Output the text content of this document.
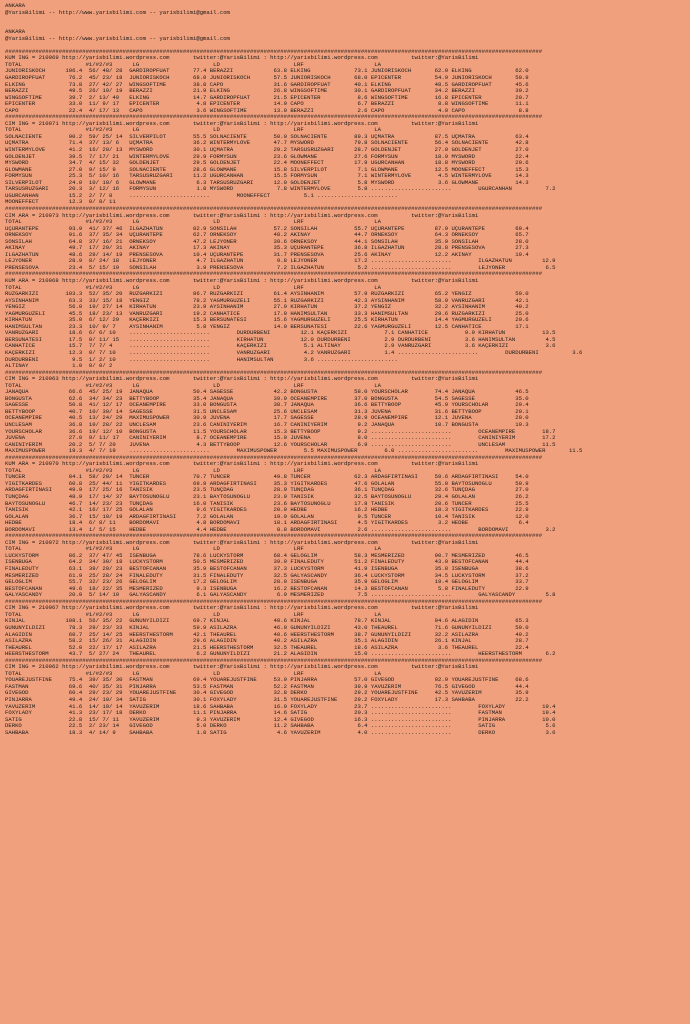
ANKARA
@YarisBilimi -- http://www.yarisbilimi.com -- yarisbilimi@gmail.com
ANKARA
@YarisBilimi -- http://www.yarisbilimi.com -- yarisbilimi@gmail.com
################################################################################################################################################################
KUM ING = 210069 http://yarisbilimi.wordpress.com       twitter:@YarisBilimi : http://yarisbilimi.wordpress.com          twitter:@YarisBilimi
TOTAL                   #1/#2/#3      LG                      LD                      LRF                     LA
JUNIORISKOCH      106.4  56/ 48/ 28  GARDIROPFUAT       77.4 BERAZZI            63.8 ELKING             73.1 JUNIORISKOCH       62.0 ELKING             62.0
GARDIROPFUAT       76.2  45/ 23/ 18  JUNIORISKOCH       68.0 JUNIORISKOCH       57.5 JUNIORISKOCH       68.0 EPICENTER          54.9 JUNIORISKOCH       50.9
ELKING             73.8  27/ 42/ 27  WINGSOFTIME        38.8 CAPO               31.6 GARDIROPFUAT       40.1 ELKING             48.5 GARDIROPFUAT       45.6
BERAZZI            49.5  26/ 19/ 19  BERAZZI            21.9 ELKING             26.8 WINGSOFTIME        30.1 GARDIROPFUAT       34.2 BERAZZI            30.2
WINGSOFTIME        39.7  2/ 13/ 49   ELKING             14.7 GARDIROPFUAT       21.5 EPICENTER           8.6 WINGSOFTIME        16.8 EPICENTER          20.7
EPICENTER          33.0  11/ 9/ 17   EPICENTER           4.8 EPICENTER          14.9 CAPO                6.7 BERAZZI             8.8 WINGSOFTIME        11.1
CAPO               22.4  4/ 17/ 13   CAPO                3.6 WINGSOFTIME        13.0 BERAZZI             2.6 CAPO                4.0 CAPO                8.8
################################################################################################################################################################
CIM ING = 210071 http://yarisbilimi.wordpress.com       twitter:@YarisBilimi : http://yarisbilimi.wordpress.com          twitter:@YarisBilimi
TOTAL                   #1/#2/#3      LG                      LD                      LRF                     LA
SOLNACIENTE        90.2  59/ 25/ 14  SILVERPILOT        55.5 SOLNACIENTE        50.0 SOLNACIENTE        89.3 UÇMATRA            87.5 UÇMATRA            63.4
UÇMATRA            71.4  37/ 13/ 6   UÇMATRA            36.2 WINTERMYLOVE       47.7 MYSWORD            79.8 SOLNACIENTE        56.4 SOLNACIENTE        42.8
WINTERMYLOVE       41.2  16/ 20/ 13  MYSWORD            30.1 UÇMATRA            29.2 TARSUSRÜZGARI      28.7 GOLDENJET          27.0 GOLDENJET          27.0
GOLDENJET          39.5  7/ 17/ 21   WINTERMYLOVE       29.9 FORMYSUN           23.6 GLOWMANE           27.6 FORMYSUN           18.9 MYSWORD            22.4
MYSWORD            34.7  4/ 15/ 32   GOLDENJET          29.5 GOLDENJET          22.4 MOONEFFECT         17.9 UGURCANHAN         18.8 MYSWORD            20.6
GLOWMANE           27.0  9/ 15/ 9    SOLNACIENTE        28.6 GLOWMANE           15.8 SILVERPILOT         7.1 GLOWMANE           12.5 MOONEFFECT         15.3
FORMYSUN           25.3  5/ 10/ 16   TARSUSRÜZGARI      11.2 UGURCANHAN         15.5 FORMYSUN            7.1 WINTERMYLOVE        4.5 WINTERMYLOVE       14.3
SILVERPILOT        24.0  10/ 10/ 6   GLOWMANE            6.3 TARSUSRÜZGARI      12.0 GOLDENJET           5.8 MYSWORD             3.6 GLOWMANE           14.3
TARSUSRÜZGARI      20.3  3/ 12/ 16   FORMYSUN            1.8 MYSWORD             7.8 WINTERMYLOVE        5.8 ........................        UGURCANHAN          7.2
UGURCANHAN         15.2  2/ 7/ 8     ........................        MOONEFFECT          5.1 ........................
MOONEFFECT         12.3  0/ 8/ 11
################################################################################################################################################################
CIM ARA = 210073 http://yarisbilimi.wordpress.com       twitter:@YarisBilimi : http://yarisbilimi.wordpress.com          twitter:@YarisBilimi
TOTAL                   #1/#2/#3      LG                      LD                      LRF                     LA
UÇURANTEPE         93.9  41/ 37/ 46  ILGAZHATUN         82.9 SONSILAH           57.2 SONSILAH           55.7 UÇURANTEPE         87.9 UÇURANTEPE         69.4
ÖRNEKSOY           91.6  37/ 35/ 34  UÇURANTEPE         62.7 ÖRNEKSOY           48.2 AKINAY             44.7 ÖRNEKSOY           64.3 ÖRNEKSOY           65.7
SONSILAH           64.8  37/ 16/ 21  ÖRNEKSOY           47.2 LEJYONER           39.6 ÖRNEKSOY           44.1 SONSILAH           35.9 SONSILAH           28.0
AKINAY             49.7  17/ 29/ 31  AKINAY             17.3 AKINAY             35.3 UÇURANTEPE         36.8 ILGAZHATUN         28.8 PRENSESOVA         27.3
ILGAZHATUN         48.6  29/ 14/ 19  PRENSESOVA         10.4 UÇURANTEPE         31.7 PRENSESOVA         25.6 AKINAY             12.2 AKINAY             19.4
LEJYONER           28.9  8/ 24/ 18   LEJYONER            4.7 ILGAZHATUN          9.8 LEJYONER           17.2 ........................        ILGAZHATUN         12.9
PRENSESOVA         23.4  5/ 15/ 19   SONSILAH            3.9 PRENSESOVA          7.2 ILGAZHATUN          5.2 ........................        LEJYONER            6.5
################################################################################################################################################################
KUM ARA = 210068 http://yarisbilimi.wordpress.com       twitter:@YarisBilimi : http://yarisbilimi.wordpress.com          twitter:@YarisBilimi
TOTAL                   #1/#2/#3      LG                      LD                      LRF                     LA
RÜZGARKIZI        103.3  52/ 35/ 20  RÜZGARKIZI         86.7 RÜZGARKIZI         61.4 AYSINHANIM         57.9 RÜZGARKIZI         65.2 YENGIZ             59.0
AYSINHANIM         63.3  33/ 15/ 18  YENGIZ             78.2 YAGMURGÜZELI       55.1 RÜZGARKIZI         42.3 AYSINHANIM         58.0 VANRÜZGARI         42.1
YENGIZ             56.0  19/ 27/ 14  KIRHATUN           23.9 AYSINHANIM         27.9 KIRHATUN           37.2 YENGIZ             32.2 AYSINHANIM         40.2
YAGMURGÜZELI       45.5  18/ 23/ 13  VANRÜZGARI         19.2 CANHATICE          17.9 HANIMSULTAN        33.3 HANIMSULTAN        29.6 RÜZGARKIZI         25.0
KIRHATUN           35.0  6/ 12/ 29   KAÇERKIZI          15.3 BERSUNATESI        15.6 YAGMURGÜZELI       25.5 KIRHATUN           14.4 YAGMURGÜZELI       20.6
HANIMSULTAN        23.3  10/ 9/ 7    AYSINHANIM          5.8 YENGIZ             14.0 BERSUNATESI        22.6 YAGMURGÜZELI       12.5 CANHATICE          17.1
VANRÜZGARI         18.6  6/ 6/ 10    ........................        DURDURBENI         12.1 KAÇERKIZI           7.1 CANHATICE           9.9 KIRHATUN           13.5
BERSUNATESI        17.5  0/ 11/ 15   ........................        KIRHATUN           12.0 DURDURBENI          2.9 DURDURBENI          3.6 HANIMSULTAN         4.5
CANHATICE          15.7  7/ 7/ 4     ........................        KAÇERKIZI           5.1 ALTINAY             2.9 VANRÜZGARI          3.6 KAÇERKIZI           3.6
KAÇERKIZI          12.3  0/ 7/ 10    ........................        VANRÜZGARI          4.2 VANRÜZGARI          1.4 ........................        DURDURBENI          3.6
DURDURBENI          9.5  1/ 2/ 10    ........................        HANIMSULTAN         3.6 ........................
ALTINAY             1.0  0/ 0/ 2
################################################################################################################################################################
CIM ING = 210063 http://yarisbilimi.wordpress.com       twitter:@YarisBilimi : http://yarisbilimi.wordpress.com          twitter:@YarisBilimi
TOTAL                   #1/#2/#3      LG                      LD                      LRF                     LA
JANAQUA            66.6  45/ 25/ 19  JANAQUA            50.4 SAGESSE            42.2 BONGUSTA           58.0 YOURSCHOLAR        74.4 JANAQUA            46.5
BONGUSTA           62.6  34/ 34/ 23  BETTYBOOP          35.4 JANAQUA            39.9 OCEANEMPIRE        37.0 BONGUSTA           54.5 SAGESSE            35.0
SAGESSE            50.8  41/ 12/ 17  OCEANEMPIRE        33.0 BONGUSTA           38.7 JANAQUA            36.6 BETTYBOOP          45.9 YOURSCHOLAR        29.4
BETTYBOOP          40.7  10/ 30/ 14  SAGESSE            31.5 UNCLESAM           25.6 UNCLESAM           31.3 JUVENA             31.6 BETTYBOOP          20.1
OCEANEMPIRE        40.5  13/ 24/ 29  MAXIMUSPOWER       30.9 JUVENA             17.7 SAGESSE            28.9 OCEANEMPIRE        12.1 JUVENA             20.0
UNCLESAM           36.8  10/ 28/ 22  UNCLESAM           23.6 CANINIYERIM        16.7 CANINIYERIM         9.2 JANAQUA            10.7 BONGUSTA           19.3
YOURSCHOLAR        36.6  19/ 12/ 10  BONGUSTA           11.5 YOURSCHOLAR        15.3 BETTYBOOP           9.2 ........................        OCEANEMPIRE        18.7
JUVENA             27.0  9/ 11/ 17   CANINIYERIM         8.7 OCEANEMPIRE        15.0 JUVENA              8.0 ........................        CANINIYERIM        17.2
CANINIYERIM        20.2  5/ 7/ 20    JUVENA              4.3 BETTYBOOP          12.6 YOURSCHOLAR         6.9 ........................        UNCLESAM           11.5
MAXIMUSPOWER       19.3  4/ 7/ 19    ........................        MAXIMUSPOWER        5.5 MAXIMUSPOWER        6.0 ........................        MAXIMUSPOWER       11.5
################################################################################################################################################################
KUM ARA = 210070 http://yarisbilimi.wordpress.com       twitter:@YarisBilimi : http://yarisbilimi.wordpress.com          twitter:@YarisBilimi
TOTAL                   #1/#2/#3      LG                      LD                      LRF                     LA
TUNCER             84.1  58/ 29/ 14  TUNCER             70.7 TUNCER             49.8 TUNCER             62.3 ARDAGFIRTINASI     59.6 ARDAGFIRTINASI     54.0
YIGITKARDES        60.8  25/ 44/ 11  YIGITKARDES        69.9 ARDAGFIRTINASI     35.3 YIGITKARDES        47.6 GÖLALAN            55.0 BAYTOSUNOGLU       50.9
ARDAGFIRTINASI     49.9  17/ 25/ 16  TANISIK            23.5 TUNÇDAG            28.9 TUNÇDAG            36.1 TUNÇDAG            32.6 TUNÇDAG            27.0
TUNÇDAG            48.9  17/ 14/ 37  BAYTOSUNOGLU       23.1 BAYTOSUNOGLU       23.9 TANISIK            32.5 BAYTOSUNOGLU       29.4 GÖLALAN            26.2
BAYTOSUNOGLU       46.7  14/ 23/ 23  TUNÇDAG            16.0 TANISIK            23.6 BAYTOSUNOGLU       17.8 TANISIK            20.6 TUNCER             25.5
TANISIK            42.1  16/ 17/ 25  GÖLALAN             9.6 YIGITKARDES        20.9 HEDBE              16.2 HEDBE              18.3 YIGITKARDES        22.9
GÖLALAN            36.7  15/ 10/ 19  ARDAGFIRTINASI      7.2 GÖLALAN            19.9 GÖLALAN             9.5 TUNCER             10.4 TANISIK            12.0
HEDBE              18.4  6/ 8/ 11    BORDOMAVI           4.8 BORDOMAVI          18.1 ARDAGFIRTINASI      4.5 YIGITKARDES         3.2 HEDBE               6.4
BORDOMAVI          13.4  1/ 5/ 15    HEDBE               4.4 HEDBE               8.8 BORDOMAVI           2.6 ........................        BORDOMAVI           3.2
################################################################################################################################################################
CIM ING = 210072 http://yarisbilimi.wordpress.com       twitter:@YarisBilimi : http://yarisbilimi.wordpress.com          twitter:@YarisBilimi
TOTAL                   #1/#2/#3      LG                      LD                      LRF                     LA
LUCKYSTORM         86.2  37/ 47/ 45  ISENBUGA           78.6 LUCKYSTORM         68.4 GELOGLIM           58.3 MESMERIZED         90.7 MESMERIZED         46.5
ISENBUGA           64.2  34/ 30/ 18  LUCKYSTORM         50.5 MESMERIZED         39.9 FINALEDUTY         51.2 FINALEDUTY         43.0 BESTOFCANAN        44.4
FINALEDUTY         63.1  39/ 20/ 23  BESTOFCANAN        35.9 BESTOFCANAN        37.3 LUCKYSTORM         41.9 ISENBUGA           35.8 ISENBUGA           38.6
MESMERIZED         61.9  25/ 28/ 24  FINALEDUTY         31.5 FINALEDUTY         32.5 GALYASCANDY        36.4 LUCKYSTORM         34.5 LUCKYSTORM         37.2
GELOGLIM           55.7  32/ 23/ 26  GELOGLIM           17.2 GELOGLIM           28.0 ISENBUGA           35.9 GELOGLIM           19.4 GELOGLIM           33.7
BESTOFCANAN        49.6  18/ 22/ 35  MESMERIZED          9.3 ISENBUGA           16.2 BESTOFCANAN        14.3 BESTOFCANAN         5.8 FINALEDUTY         22.9
GALYASCANDY        20.0  5/ 14/ 19   GALYASCANDY         6.1 GALYASCANDY         6.9 MESMERIZED          7.5 ........................        GALYASCANDY         5.8
################################################################################################################################################################
CIM ING = 210067 http://yarisbilimi.wordpress.com       twitter:@YarisBilimi : http://yarisbilimi.wordpress.com          twitter:@YarisBilimi
TOTAL                   #1/#2/#3      LG                      LD                      LRF                     LA
KINJAL            108.1  56/ 35/ 22  GÜNÜNYILDIZI       69.7 KINJAL             48.6 KINJAL             78.7 KINJAL             94.6 ALAGIDIN           65.3
GÜNÜNYILDIZI       78.3  29/ 23/ 33  KINJAL             59.9 ASILAZRA           46.0 GÜNÜNYILDIZI       43.0 THEAUREL           71.6 GÜNÜNYILDIZI       59.0
ALAGIDIN           60.7  25/ 14/ 25  HEERSTHESTORM      42.1 THEAUREL           40.6 HEERSTHESTORM      38.7 GÜNÜNYILDIZI       32.2 ASILAZRA           49.2
ASILAZRA           58.2  15/ 26/ 31  ALAGIDIN           29.6 ALAGIDIN           40.2 ASILAZRA           35.1 ALAGIDIN           26.1 KINJAL             28.7
THEAUREL           52.0  22/ 17/ 17  ASILAZRA           21.5 HEERSTHESTORM      32.5 THEAUREL           18.6 ASILAZRA            3.6 THEAUREL           22.4
HEERSTHESTORM      43.7  5/ 27/ 24   THEAUREL            6.2 GÜNÜNYILDIZI       21.2 ALAGIDIN           15.0 ........................        HEERSTHESTORM       6.2
################################################################################################################################################################
CIM ING = 210062 http://yarisbilimi.wordpress.com       twitter:@YarisBilimi : http://yarisbilimi.wordpress.com          twitter:@YarisBilimi
TOTAL                   #1/#2/#3      LG                      LD                      LRF                     LA
YOUAREJUSTFINE     75.4  39/ 35/ 30  FASTMAN            69.4 YOUAREJUSTFINE     53.9 PINJARRA           57.0 GIVEGOD            92.9 YOUAREJUSTFINE     68.6
FASTMAN            69.6  40/ 35/ 31  PINJARRA           53.5 FASTMAN            52.2 FASTMAN            39.9 YAVUZERIM          76.5 GIVEGOD            44.4
GIVEGOD            60.4  29/ 23/ 29  YOUAREJUSTFINE     30.4 GIVEGOD            32.8 DERKO              29.2 YOUAREJUSTFINE     42.5 YAVUZERIM          35.9
PINJARRA           49.4  24/ 19/ 34  SATIG              30.1 FOXYLADY           31.5 YOUAREJUSTFINE     29.2 FOXYLADY           17.3 SAHBABA            22.2
YAVUZERIM          41.6  14/ 19/ 14  YAVUZERIM          18.6 SAHBABA            16.0 FOXYLADY           23.7 ........................        FOXYLADY           19.4
FOXYLADY           41.3  23/ 17/ 18  DERKO              11.1 PINJARRA           14.6 SATIG              20.3 ........................        FASTMAN            19.4
SATIG              22.8  15/ 7/ 11   YAVUZERIM           9.3 YAVUZERIM          12.4 GIVEGOD            16.3 ........................        PINJARRA           10.0
DERKO              22.5  2/ 23/ 14   GIVEGOD             5.0 DERKO              11.2 SAHBABA             6.4 ........................        SATIG               5.6
SAHBABA            18.3  4/ 14/ 9    SAHBABA             1.8 SATIG               4.6 YAVUZERIM           4.0 ........................        DERKO               3.6
